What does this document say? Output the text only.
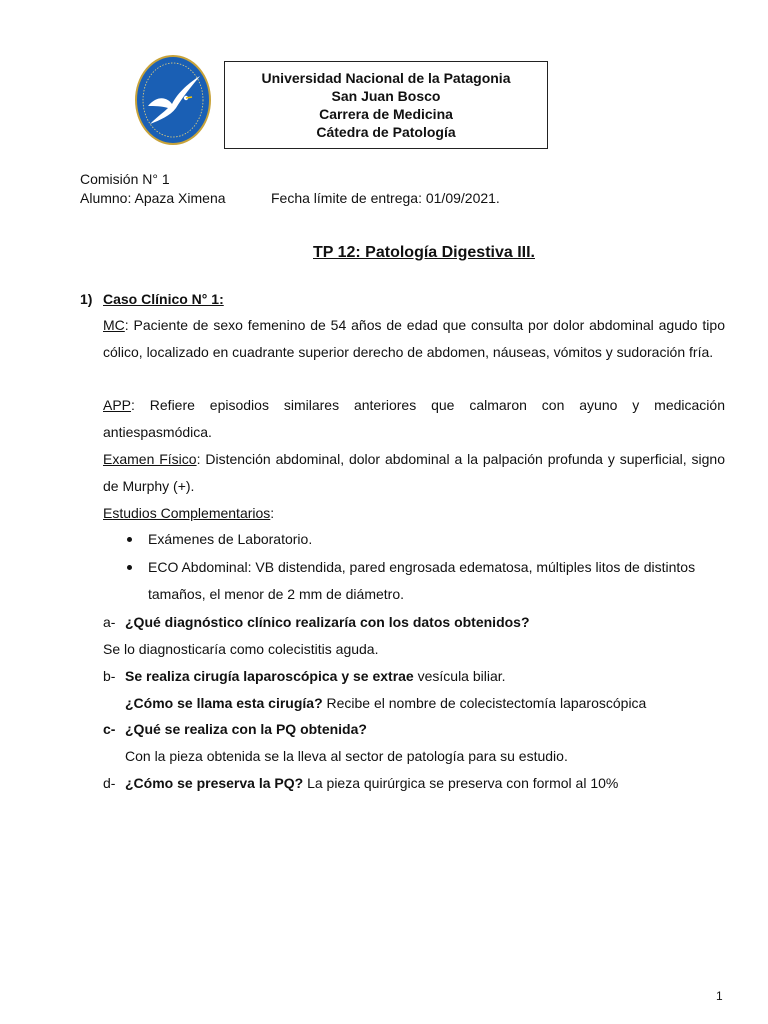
Universidad Nacional de la Patagonia
San Juan Bosco
Carrera de Medicina
Cátedra de Patología
Comisión N° 1
Alumno: Apaza Ximena	Fecha límite de entrega: 01/09/2021.
TP 12: Patología Digestiva III.
1) Caso Clínico N° 1:
MC: Paciente de sexo femenino de 54 años de edad que consulta por dolor abdominal agudo tipo cólico, localizado en cuadrante superior derecho de abdomen, náuseas, vómitos y sudoración fría.
APP: Refiere episodios similares anteriores que calmaron con ayuno y medicación antiespasmódica.
Examen Físico: Distención abdominal, dolor abdominal a la palpación profunda y superficial, signo de Murphy (+).
Estudios Complementarios:
Exámenes de Laboratorio.
ECO Abdominal: VB distendida, pared engrosada edematosa, múltiples litos de distintos tamaños, el menor de 2 mm de diámetro.
a- ¿Qué diagnóstico clínico realizaría con los datos obtenidos?
Se lo diagnosticaría como colecistitis aguda.
b- Se realiza cirugía laparoscópica y se extrae vesícula biliar.
¿Cómo se llama esta cirugía? Recibe el nombre de colecistectomía laparoscópica
c- ¿Qué se realiza con la PQ obtenida?
Con la pieza obtenida se la lleva al sector de patología para su estudio.
d- ¿Cómo se preserva la PQ? La pieza quirúrgica se preserva con formol al 10%
1
